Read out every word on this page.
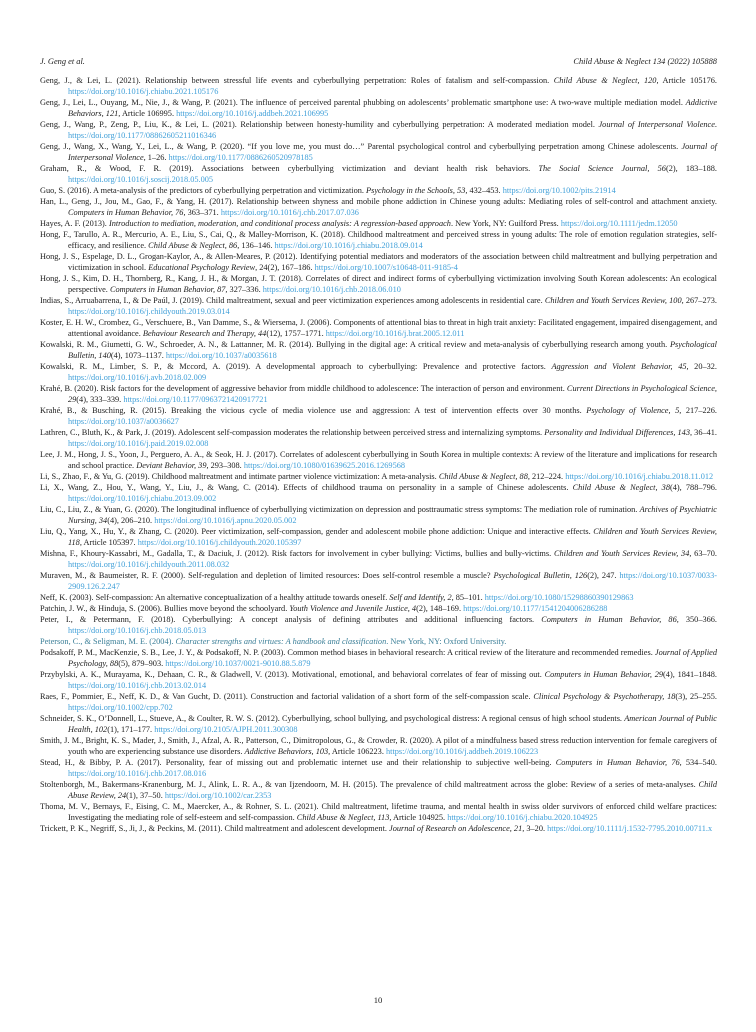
J. Geng et al.	Child Abuse & Neglect 134 (2022) 105888
Geng, J., & Lei, L. (2021). Relationship between stressful life events and cyberbullying perpetration: Roles of fatalism and self-compassion. Child Abuse & Neglect, 120, Article 105176. https://doi.org/10.1016/j.chiabu.2021.105176
Geng, J., Lei, L., Ouyang, M., Nie, J., & Wang, P. (2021). The influence of perceived parental phubbing on adolescents’ problematic smartphone use: A two-wave multiple mediation model. Addictive Behaviors, 121, Article 106995. https://doi.org/10.1016/j.addbeh.2021.106995
Geng, J., Wang, P., Zeng, P., Liu, K., & Lei, L. (2021). Relationship between honesty-humility and cyberbullying perpetration: A moderated mediation model. Journal of Interpersonal Violence. https://doi.org/10.1177/08862605211016346
Geng, J., Wang, X., Wang, Y., Lei, L., & Wang, P. (2020). “If you love me, you must do…” Parental psychological control and cyberbullying perpetration among Chinese adolescents. Journal of Interpersonal Violence, 1–26. https://doi.org/10.1177/0886260520978185
Graham, R., & Wood, F. R. (2019). Associations between cyberbullying victimization and deviant health risk behaviors. The Social Science Journal, 56(2), 183–188. https://doi.org/10.1016/j.soscij.2018.05.005
Guo, S. (2016). A meta-analysis of the predictors of cyberbullying perpetration and victimization. Psychology in the Schools, 53, 432–453. https://doi.org/10.1002/pits.21914
Han, L., Geng, J., Jou, M., Gao, F., & Yang, H. (2017). Relationship between shyness and mobile phone addiction in Chinese young adults: Mediating roles of self-control and attachment anxiety. Computers in Human Behavior, 76, 363–371. https://doi.org/10.1016/j.chb.2017.07.036
Hayes, A. F. (2013). Introduction to mediation, moderation, and conditional process analysis: A regression-based approach. New York, NY: Guilford Press. https://doi.org/10.1111/jedm.12050
Hong, F., Tarullo, A. R., Mercurio, A. E., Liu, S., Cai, Q., & Malley-Morrison, K. (2018). Childhood maltreatment and perceived stress in young adults: The role of emotion regulation strategies, self-efficacy, and resilience. Child Abuse & Neglect, 86, 136–146. https://doi.org/10.1016/j.chiabu.2018.09.014
Hong, J. S., Espelage, D. L., Grogan-Kaylor, A., & Allen-Meares, P. (2012). Identifying potential mediators and moderators of the association between child maltreatment and bullying perpetration and victimization in school. Educational Psychology Review, 24(2), 167–186. https://doi.org/10.1007/s10648-011-9185-4
Hong, J. S., Kim, D. H., Thornberg, R., Kang, J. H., & Morgan, J. T. (2018). Correlates of direct and indirect forms of cyberbullying victimization involving South Korean adolescents: An ecological perspective. Computers in Human Behavior, 87, 327–336. https://doi.org/10.1016/j.chb.2018.06.010
Indias, S., Arruabarrena, I., & De Paúl, J. (2019). Child maltreatment, sexual and peer victimization experiences among adolescents in residential care. Children and Youth Services Review, 100, 267–273. https://doi.org/10.1016/j.childyouth.2019.03.014
Koster, E. H. W., Crombez, G., Verschuere, B., Van Damme, S., & Wiersema, J. (2006). Components of attentional bias to threat in high trait anxiety: Facilitated engagement, impaired disengagement, and attentional avoidance. Behaviour Research and Therapy, 44(12), 1757–1771. https://doi.org/10.1016/j.brat.2005.12.011
Kowalski, R. M., Giumetti, G. W., Schroeder, A. N., & Lattanner, M. R. (2014). Bullying in the digital age: A critical review and meta-analysis of cyberbullying research among youth. Psychological Bulletin, 140(4), 1073–1137. https://doi.org/10.1037/a0035618
Kowalski, R. M., Limber, S. P., & Mccord, A. (2019). A developmental approach to cyberbullying: Prevalence and protective factors. Aggression and Violent Behavior, 45, 20–32. https://doi.org/10.1016/j.avb.2018.02.009
Krahé, B. (2020). Risk factors for the development of aggressive behavior from middle childhood to adolescence: The interaction of person and environment. Current Directions in Psychological Science, 29(4), 333–339. https://doi.org/10.1177/0963721420917721
Krahé, B., & Busching, R. (2015). Breaking the vicious cycle of media violence use and aggression: A test of intervention effects over 30 months. Psychology of Violence, 5, 217–226. https://doi.org/10.1037/a0036627
Lathren, C., Bluth, K., & Park, J. (2019). Adolescent self-compassion moderates the relationship between perceived stress and internalizing symptoms. Personality and Individual Differences, 143, 36–41. https://doi.org/10.1016/j.paid.2019.02.008
Lee, J. M., Hong, J. S., Yoon, J., Perguero, A. A., & Seok, H. J. (2017). Correlates of adolescent cyberbullying in South Korea in multiple contexts: A review of the literature and implications for research and school practice. Deviant Behavior, 39, 293–308. https://doi.org/10.1080/01639625.2016.1269568
Li, S., Zhao, F., & Yu, G. (2019). Childhood maltreatment and intimate partner violence victimization: A meta-analysis. Child Abuse & Neglect, 88, 212–224. https://doi.org/10.1016/j.chiabu.2018.11.012
Li, X., Wang, Z., Hou, Y., Wang, Y., Liu, J., & Wang, C. (2014). Effects of childhood trauma on personality in a sample of Chinese adolescents. Child Abuse & Neglect, 38(4), 788–796. https://doi.org/10.1016/j.chiabu.2013.09.002
Liu, C., Liu, Z., & Yuan, G. (2020). The longitudinal influence of cyberbullying victimization on depression and posttraumatic stress symptoms: The mediation role of rumination. Archives of Psychiatric Nursing, 34(4), 206–210. https://doi.org/10.1016/j.apnu.2020.05.002
Liu, Q., Yang, X., Hu, Y., & Zhang, C. (2020). Peer victimization, self-compassion, gender and adolescent mobile phone addiction: Unique and interactive effects. Children and Youth Services Review, 118, Article 105397. https://doi.org/10.1016/j.childyouth.2020.105397
Mishna, F., Khoury-Kassabri, M., Gadalla, T., & Daciuk, J. (2012). Risk factors for involvement in cyber bullying: Victims, bullies and bully-victims. Children and Youth Services Review, 34, 63–70. https://doi.org/10.1016/j.childyouth.2011.08.032
Muraven, M., & Baumeister, R. F. (2000). Self-regulation and depletion of limited resources: Does self-control resemble a muscle? Psychological Bulletin, 126(2), 247. https://doi.org/10.1037/0033-2909.126.2.247
Neff, K. (2003). Self-compassion: An alternative conceptualization of a healthy attitude towards oneself. Self and Identify, 2, 85–101. https://doi.org/10.1080/15298860390129863
Patchin, J. W., & Hinduja, S. (2006). Bullies move beyond the schoolyard. Youth Violence and Juvenile Justice, 4(2), 148–169. https://doi.org/10.1177/1541204006286288
Peter, I., & Petermann, F. (2018). Cyberbullying: A concept analysis of defining attributes and additional influencing factors. Computers in Human Behavior, 86, 350–366. https://doi.org/10.1016/j.chb.2018.05.013
Peterson, C., & Seligman, M. E. (2004). Character strengths and virtues: A handbook and classification. New York, NY: Oxford University.
Podsakoff, P. M., MacKenzie, S. B., Lee, J. Y., & Podsakoff, N. P. (2003). Common method biases in behavioral research: A critical review of the literature and recommended remedies. Journal of Applied Psychology, 88(5), 879–903. https://doi.org/10.1037/0021-9010.88.5.879
Przybylski, A. K., Murayama, K., Dehaan, C. R., & Gladwell, V. (2013). Motivational, emotional, and behavioral correlates of fear of missing out. Computers in Human Behavior, 29(4), 1841–1848. https://doi.org/10.1016/j.chb.2013.02.014
Raes, F., Pommier, E., Neff, K. D., & Van Gucht, D. (2011). Construction and factorial validation of a short form of the self-compassion scale. Clinical Psychology & Psychotherapy, 18(3), 25–255. https://doi.org/10.1002/cpp.702
Schneider, S. K., O’Donnell, L., Stueve, A., & Coulter, R. W. S. (2012). Cyberbullying, school bullying, and psychological distress: A regional census of high school students. American Journal of Public Health, 102(1), 171–177. https://doi.org/10.2105/AJPH.2011.300308
Smith, J. M., Bright, K. S., Mader, J., Smith, J., Afzal, A. R., Patterson, C., Dimitropolous, G., & Crowder, R. (2020). A pilot of a mindfulness based stress reduction intervention for female caregivers of youth who are experiencing substance use disorders. Addictive Behaviors, 103, Article 106223. https://doi.org/10.1016/j.addbeh.2019.106223
Stead, H., & Bibby, P. A. (2017). Personality, fear of missing out and problematic internet use and their relationship to subjective well-being. Computers in Human Behavior, 76, 534–540. https://doi.org/10.1016/j.chb.2017.08.016
Stoltenborgh, M., Bakermans-Kranenburg, M. J., Alink, L. R. A., & van Ijzendoorn, M. H. (2015). The prevalence of child maltreatment across the globe: Review of a series of meta-analyses. Child Abuse Review, 24(1), 37–50. https://doi.org/10.1002/car.2353
Thoma, M. V., Bernays, F., Eising, C. M., Maercker, A., & Rohner, S. L. (2021). Child maltreatment, lifetime trauma, and mental health in swiss older survivors of enforced child welfare practices: Investigating the mediating role of self-esteem and self-compassion. Child Abuse & Neglect, 113, Article 104925. https://doi.org/10.1016/j.chiabu.2020.104925
Trickett, P. K., Negriff, S., Ji, J., & Peckins, M. (2011). Child maltreatment and adolescent development. Journal of Research on Adolescence, 21, 3–20. https://doi.org/10.1111/j.1532-7795.2010.00711.x
10
